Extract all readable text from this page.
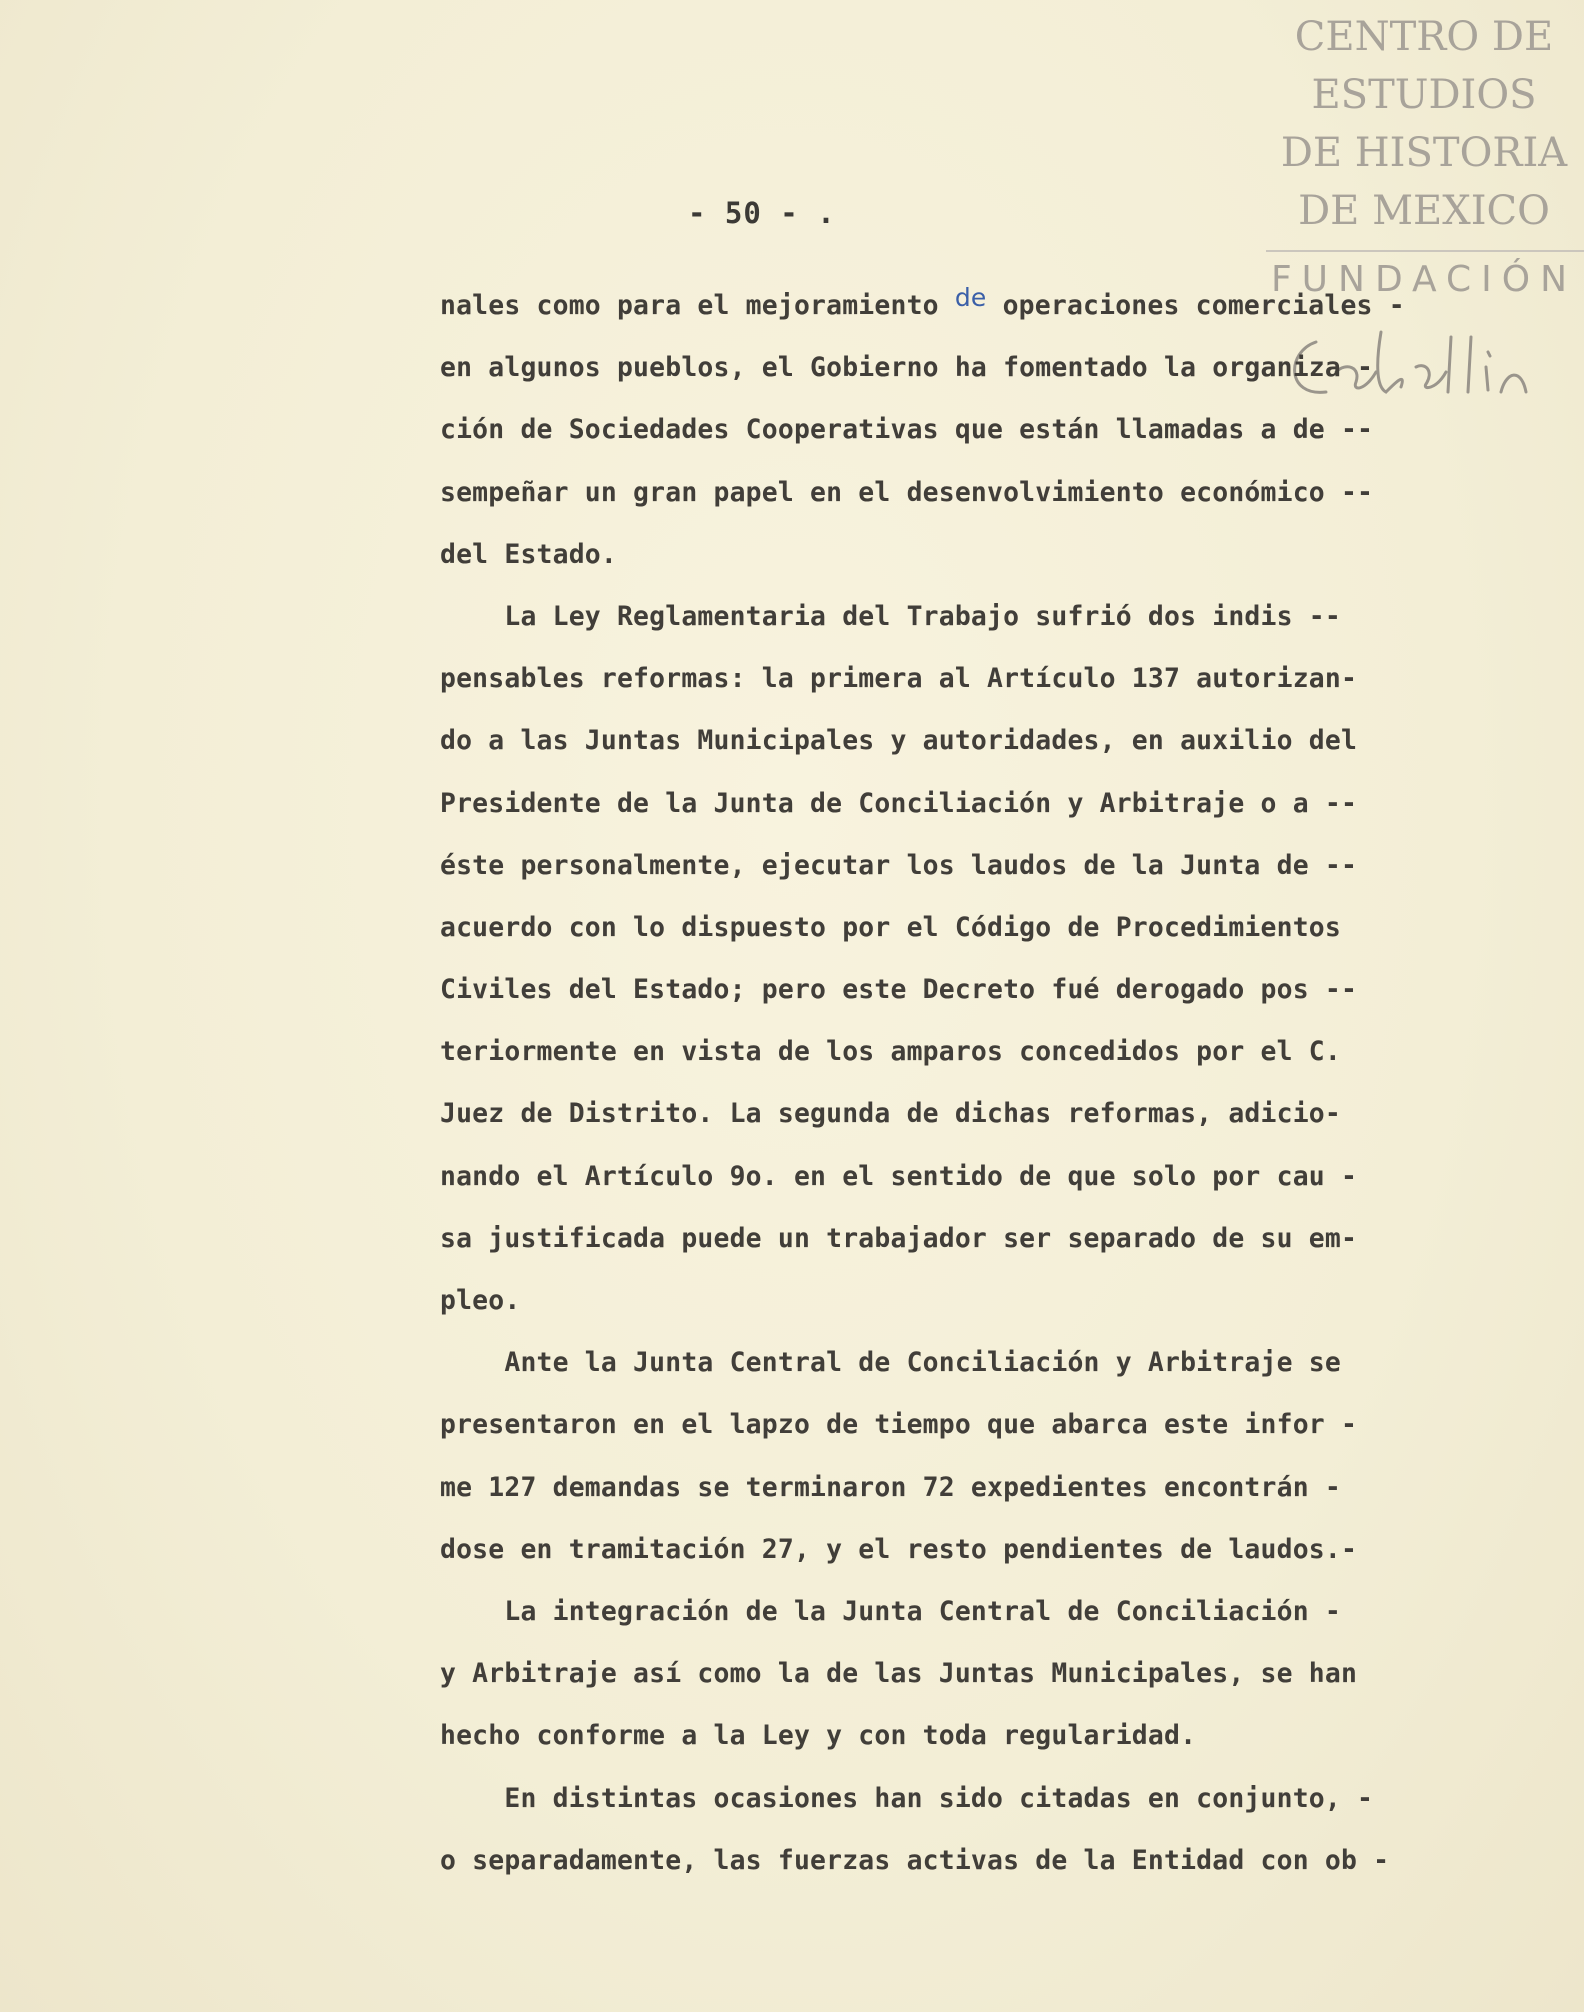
CENTRO DE
ESTUDIOS
DE HISTORIA
DE MEXICO
FUNDACIÓN
- 50 - .
nales como para el mejoramiento de operaciones comerciales -
en algunos pueblos, el Gobierno ha fomentado la organiza -
ción de Sociedades Cooperativas que están llamadas a de --
sempeñar un gran papel en el desenvolvimiento económico --
del Estado.
La Ley Reglamentaria del Trabajo sufrió dos indis --
pensables reformas: la primera al Artículo 137 autorizan-
do a las Juntas Municipales y autoridades, en auxilio del
Presidente de la Junta de Conciliación y Arbitraje o a --
éste personalmente, ejecutar los laudos de la Junta de --
acuerdo con lo dispuesto por el Código de Procedimientos
Civiles del Estado; pero este Decreto fué derogado pos --
teriormente en vista de los amparos concedidos por el C.
Juez de Distrito. La segunda de dichas reformas, adicio-
nando el Artículo 9o. en el sentido de que solo por cau -
sa justificada puede un trabajador ser separado de su em-
pleo.
Ante la Junta Central de Conciliación y Arbitraje se
presentaron en el lapzo de tiempo que abarca este infor -
me 127 demandas se terminaron 72 expedientes encontrán -
dose en tramitación 27, y el resto pendientes de laudos.-
La integración de la Junta Central de Conciliación -
y Arbitraje así como la de las Juntas Municipales, se han
hecho conforme a la Ley y con toda regularidad.
En distintas ocasiones han sido citadas en conjunto, -
o separadamente, las fuerzas activas de la Entidad con ob -
